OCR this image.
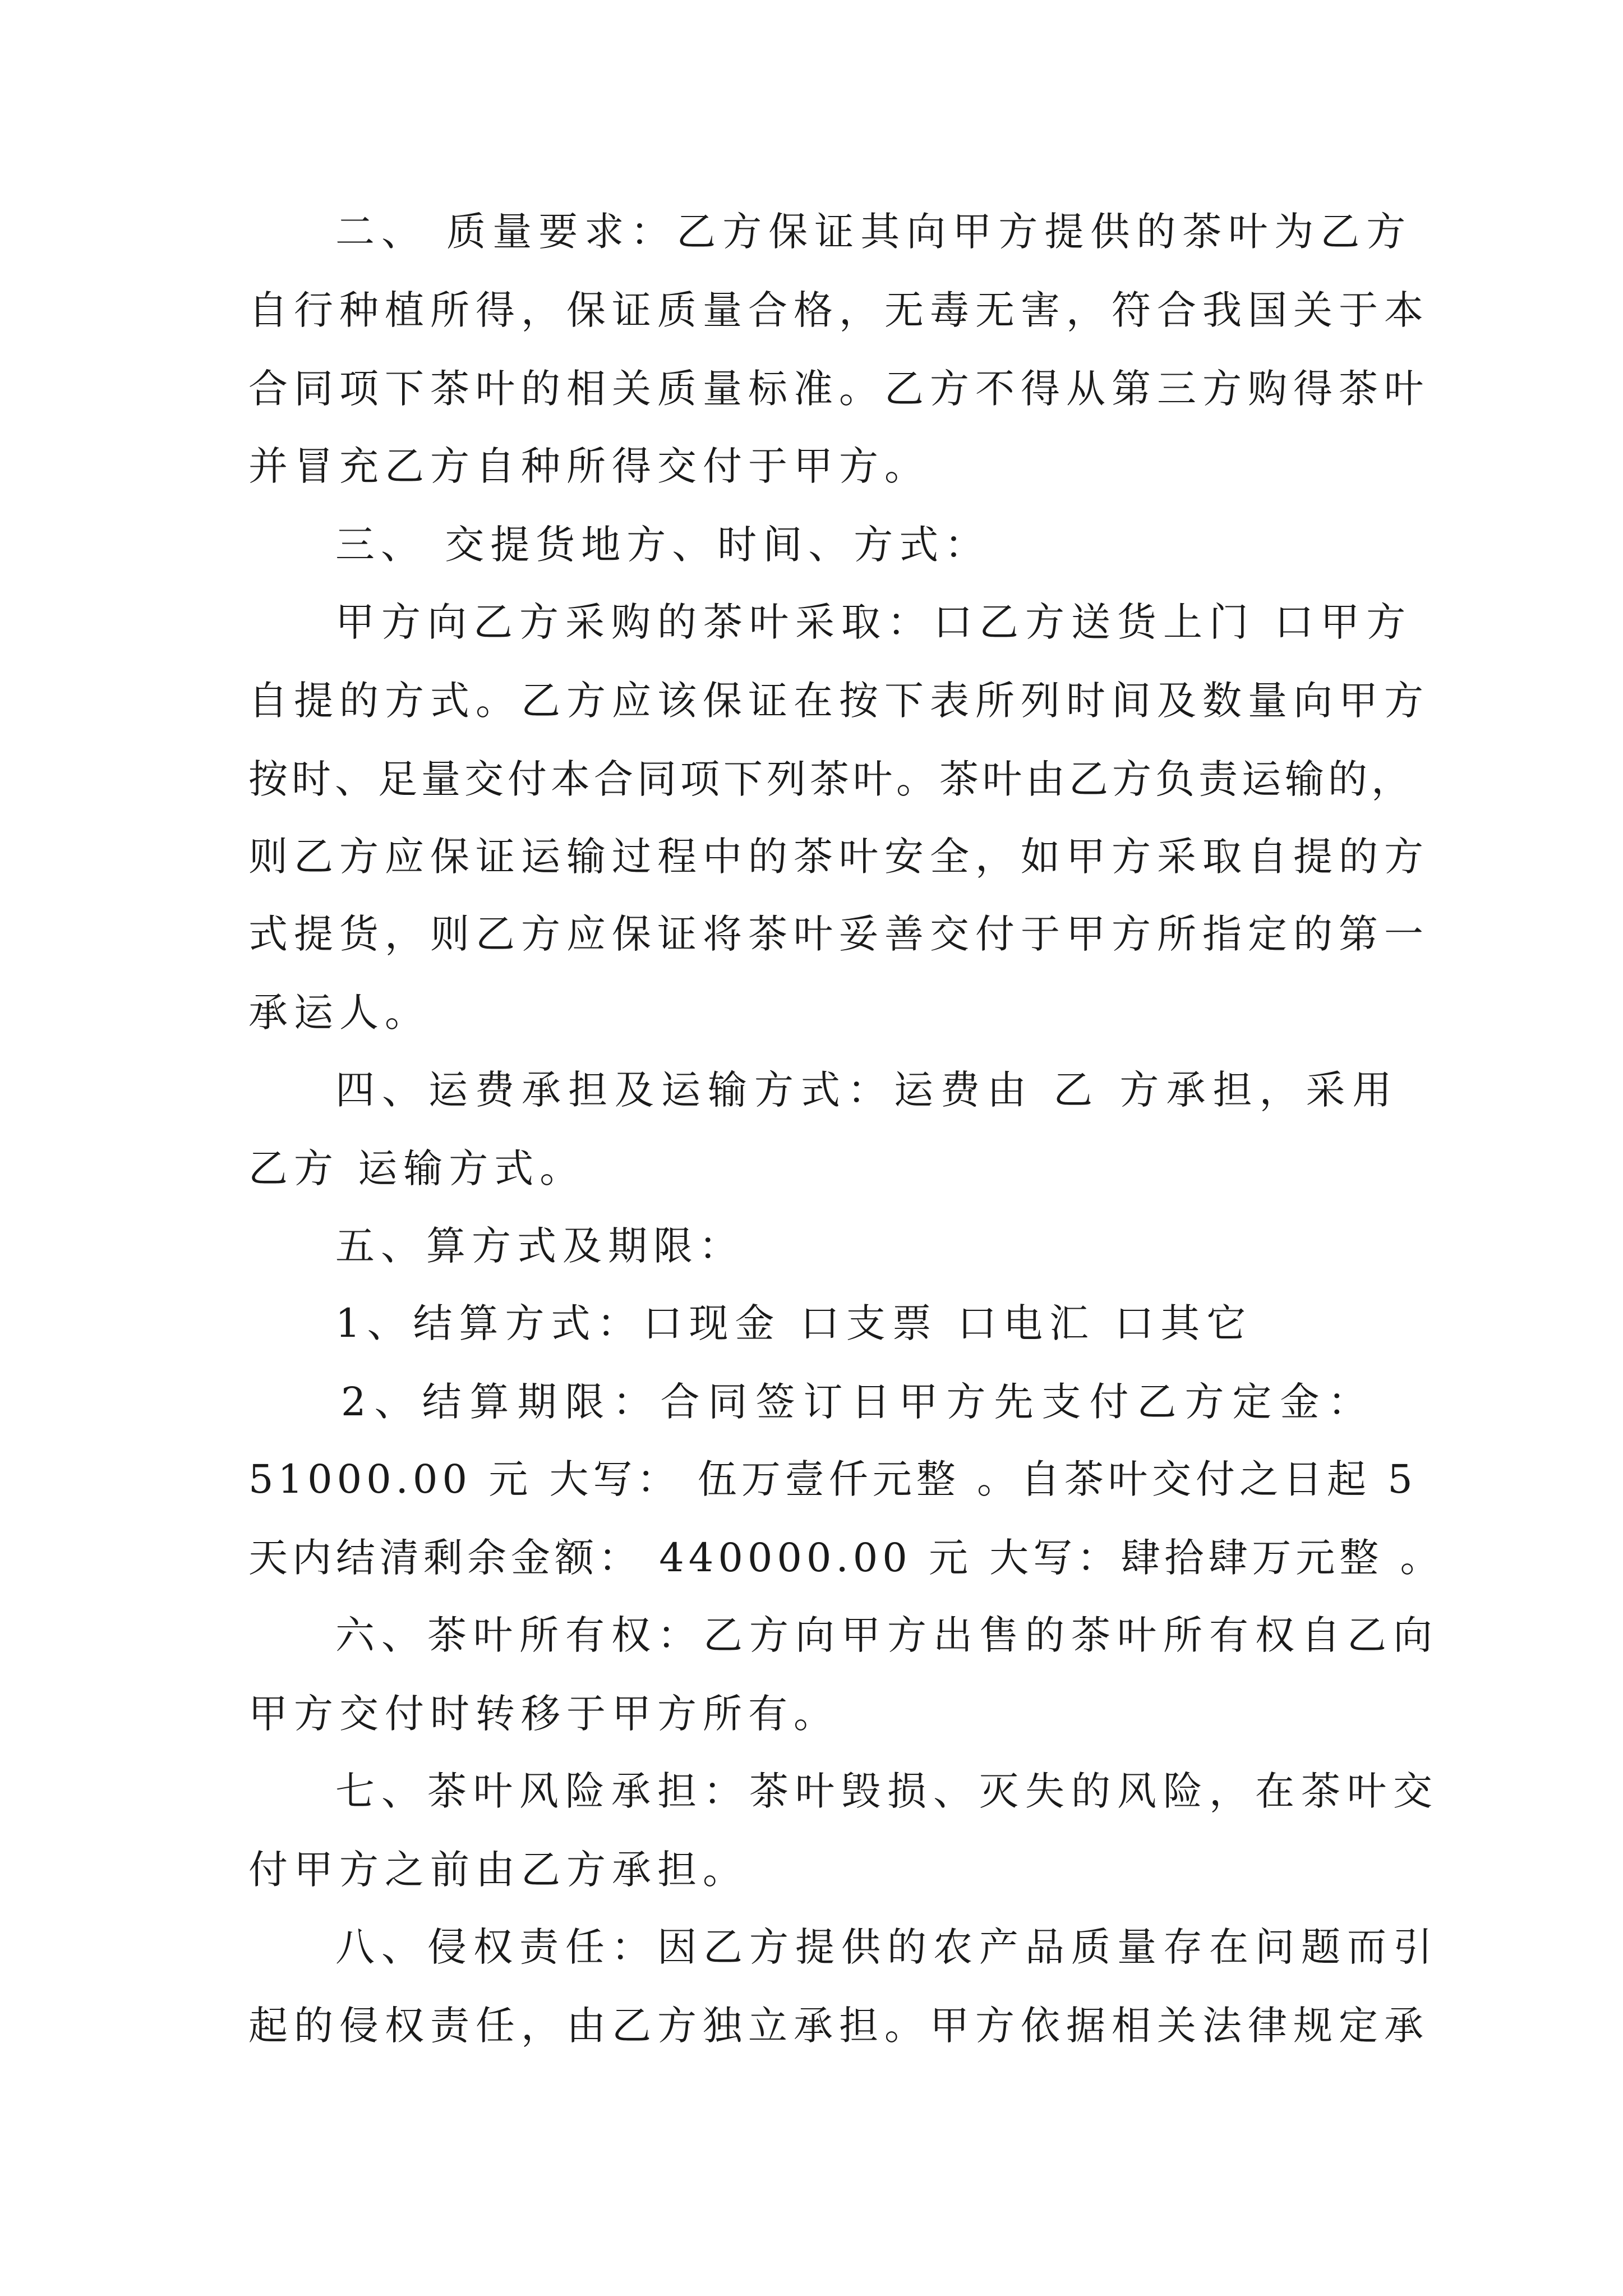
二、 质量要求：乙方保证其向甲方提供的茶叶为乙方
自行种植所得，保证质量合格，无毒无害，符合我国关于本
合同项下茶叶的相关质量标准。乙方不得从第三方购得茶叶
并冒充乙方自种所得交付于甲方。
三、 交提货地方、时间、方式：
甲方向乙方采购的茶叶采取：口乙方送货上门 口甲方
自提的方式。乙方应该保证在按下表所列时间及数量向甲方
按时、足量交付本合同项下列茶叶。茶叶由乙方负责运输的，
则乙方应保证运输过程中的茶叶安全，如甲方采取自提的方
式提货，则乙方应保证将茶叶妥善交付于甲方所指定的第一
承运人。
四、运费承担及运输方式：运费由 乙 方承担，采用
乙方 运输方式。
五、算方式及期限：
1、结算方式：口现金 口支票 口电汇 口其它
2、结算期限：合同签订日甲方先支付乙方定金：
51000.00 元 大写： 伍万壹仟元整 。自茶叶交付之日起 5
天内结清剩余金额： 440000.00 元 大写：肆拾肆万元整 。
六、茶叶所有权：乙方向甲方出售的茶叶所有权自乙向
甲方交付时转移于甲方所有。
七、茶叶风险承担：茶叶毁损、灭失的风险，在茶叶交
付甲方之前由乙方承担。
八、侵权责任：因乙方提供的农产品质量存在问题而引
起的侵权责任，由乙方独立承担。甲方依据相关法律规定承
